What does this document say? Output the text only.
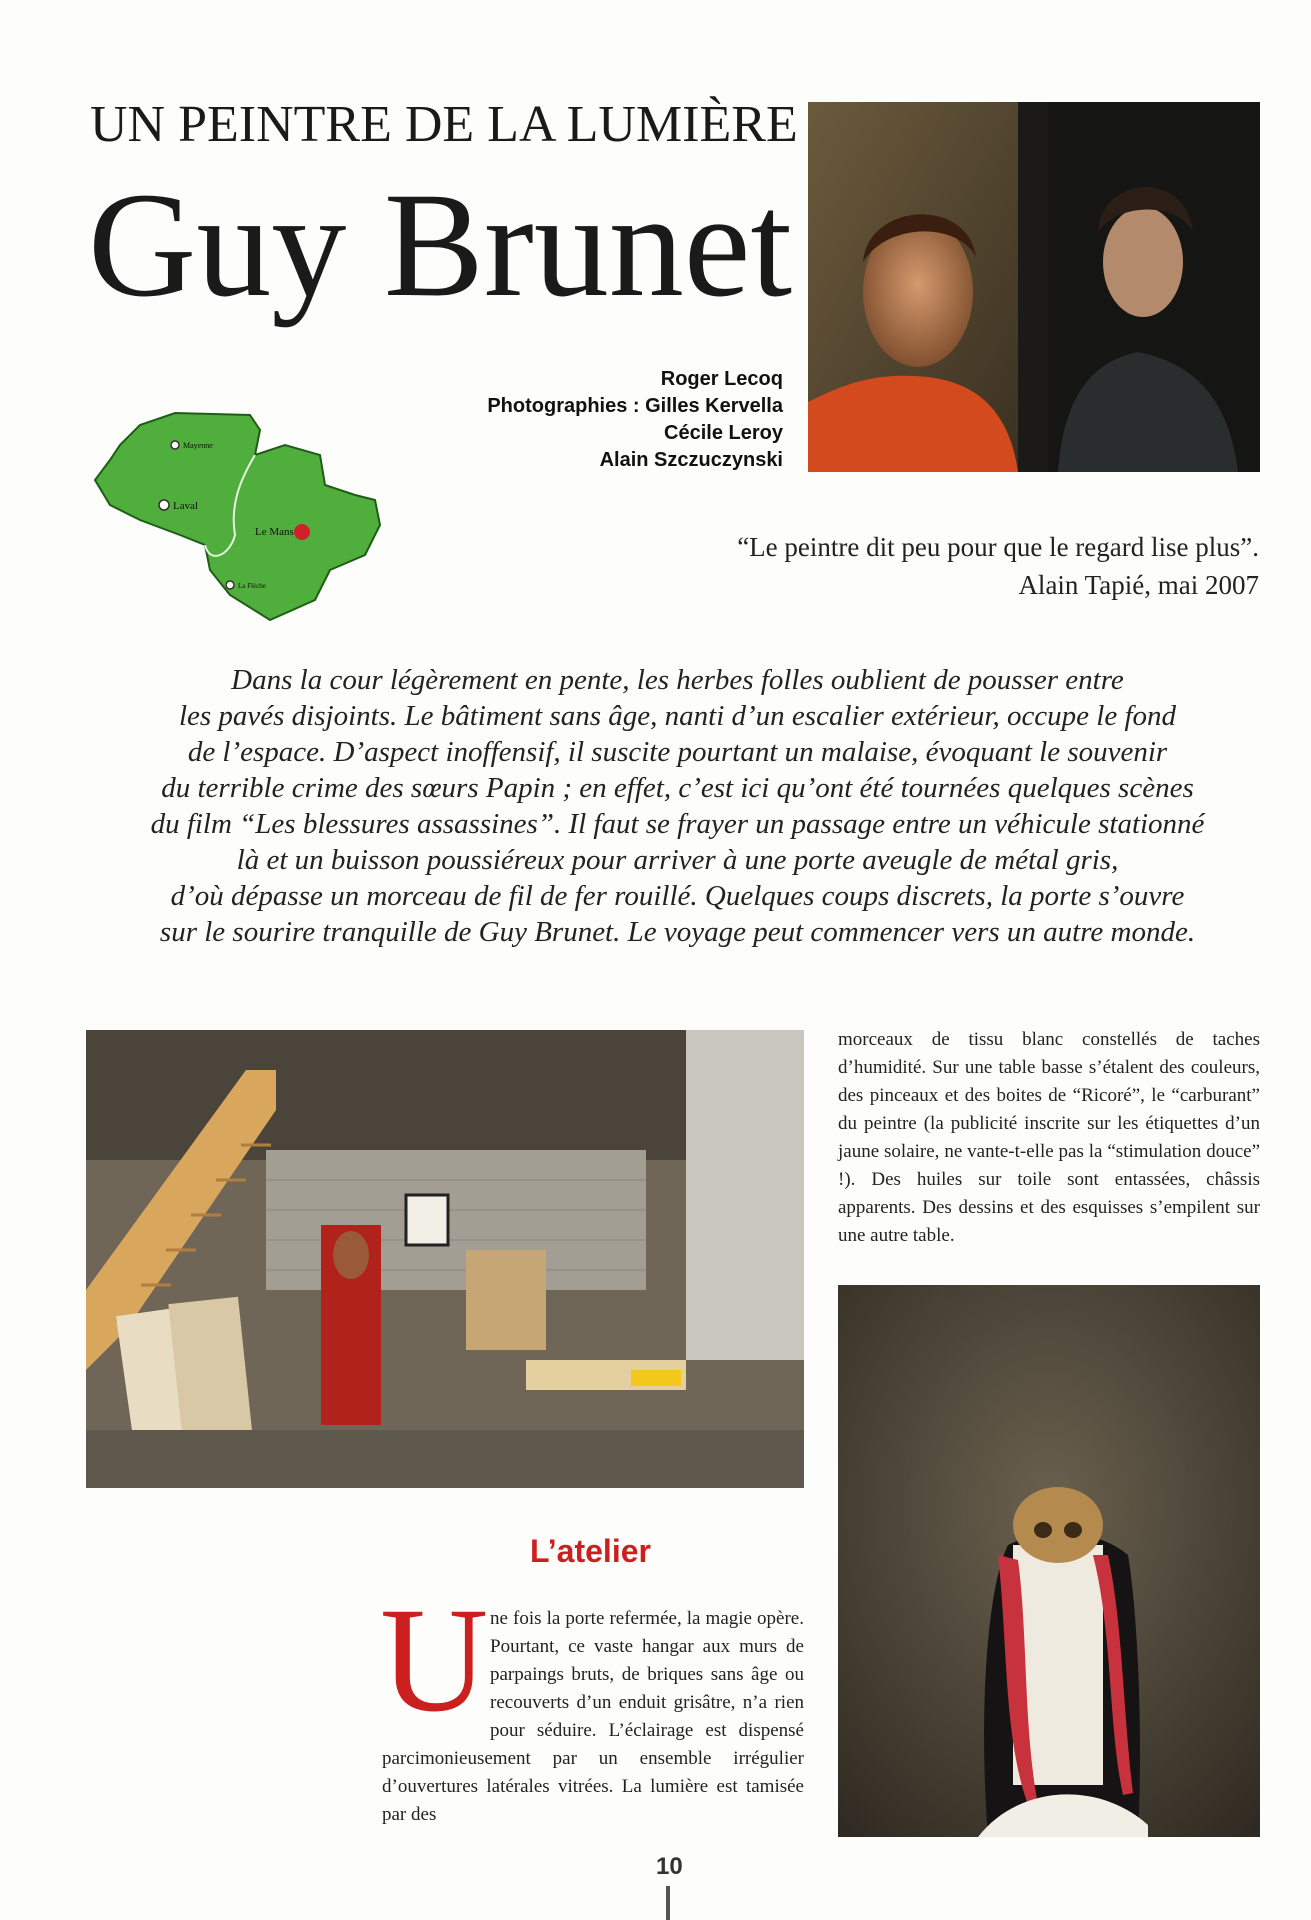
UN PEINTRE DE LA LUMIÈRE
Guy Brunet
Roger Lecoq
Photographies : Gilles Kervella
Cécile Leroy
Alain Szczuczynski
Mayenne
Laval
Le Mans
La Flèche
“Le peintre dit peu pour que le regard lise plus”.
Alain Tapié, mai 2007

Dans la cour légèrement en pente, les herbes folles oublient de pousser entre

les pavés disjoints. Le bâtiment sans âge, nanti d’un escalier extérieur, occupe le fond

de l’espace. D’aspect inoffensif, il suscite pourtant un malaise, évoquant le souvenir

du terrible crime des sœurs Papin ; en effet, c’est ici qu’ont été tournées quelques scènes

du film “Les blessures assassines”. Il faut se frayer un passage entre un véhicule stationné

là et un buisson poussiéreux pour arriver à une porte aveugle de métal gris,

d’où dépasse un morceau de fil de fer rouillé. Quelques coups discrets, la porte s’ouvre

sur le sourire tranquille de Guy Brunet. Le voyage peut commencer vers un autre monde.

morceaux de tissu blanc constellés de taches d’humidité. Sur une table basse s’étalent des couleurs, des pinceaux et des boites de “Ricoré”, le “carburant” du peintre (la publicité inscrite sur les étiquettes d’un jaune solaire, ne vante-t-elle pas la “stimulation douce” !). Des huiles sur toile sont entassées, châssis apparents. Des dessins et des esquisses s’empilent sur une autre table.
L’atelier
U ne fois la porte refermée, la magie opère. Pourtant, ce vaste hangar aux murs de parpaings bruts, de briques sans âge ou recouverts d’un enduit grisâtre, n’a rien pour séduire. L’éclairage est dispensé parcimonieusement par un ensemble irrégulier d’ouvertures latérales vitrées. La lumière est tamisée par des
10
